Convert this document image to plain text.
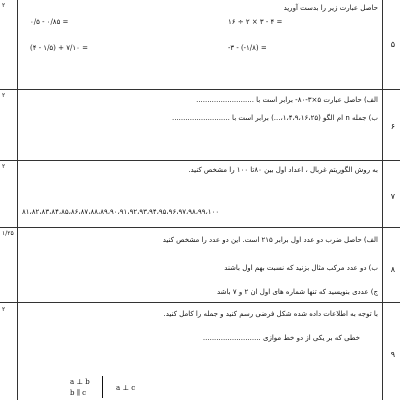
۵
۲	حاصل عبارت زیر را بدست آورید
۰/۵ - ۰/۸۵ =	۱۶ ÷ ۲ × ۳ - ۴ =
(۴ - ۱/۵) + ۷/۱۰ =	-۳ - (-۱/۸) =
۶
۲
الف) حاصل عبارت ۵×۳-۸۰- برابر است با ..........................
ب) جمله n ام الگو (۱،۴،۹،۱۶،۲۵،...) برابر است با ..........................
۷
۲	به روش الگوریتم غربال ، اعداد اول بین ۸۰تا ۱۰۰ را مشخص کنید.
۸۱،۸۲،۸۳،۸۴،۸۵،۸۶،۸۷،۸۸،۸۹،۹۰،۹۱،۹۲،۹۳،۹۴،۹۵،۹۶،۹۷،۹۸،۹۹،۱۰۰
۸
۱/۲۵
الف) حاصل ضرب دو عدد اول برابر ۲۱۵ است. این دو عدد را مشخص کنید
ب) دو عدد مرکب مثال بزنید که نسبت بهم اول باشند
ج) عددی بنویسید که تنها شماره های اول ان ۲ و ۷ باشد
۹
۲
با توجه به اطلاعات داده شده شکل فرضی رسم کنید و جمله را کامل کنید.
خطی که بر یکی از دو خط موازی ..........................
a ⊥ b
b ∥ c
a ⊥ c
